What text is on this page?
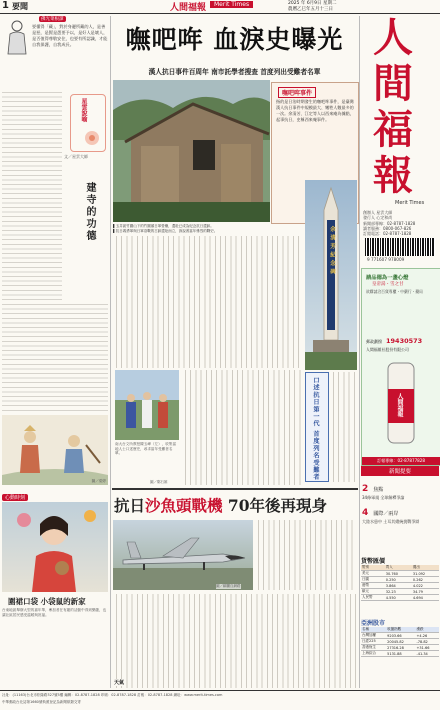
1 要聞	人間福報	Merit Times	2025 年 6月9日 星期二
農曆乙巳年五月十三日
佛光菜根譚
要懂得「藏」，對於身邊所藏的人，是善是惡，是賢是愚要予以，是好人是壞人，是否值得尊敬安住，也要有所認識，才能自我保護，自我成長。
星雲說喻
文／星雲大師
建寺的功德
圖／梁婷
心動時刻
圍裙口袋 小袋鼠的新家
台東地區舉辦大型的嘉年華，參加者在有趣的活動中得到樂趣，也讓社區居民感受溫暖與祝福。
嘸吧哖 血淚史曝光
漢人抗日事件百周年 南市託學者搜查 首度列出受難者名單
嘸吧哖事件
指的是日治時期發生的嘸吧哖事件，是臺灣漢人抗日事件中規模最大、犧牲人數最多的一次。余清芳、江定等人以西來庵為據點，起事抗日，史稱西來庵事件。
▌玉井區竹圍山下的竹圍頭日軍營壘，遺址已成為紀念抗日遺跡。
▌抗日義勇軍與日軍浴戰的古跡遺址而立，訴說著當年慘烈的戰史。	余清芳紀念碑
南大台文所教授陳玉峰（左），收集當地人士口述歷史，尋求當年受難者名單。
圖／鄭石雄
口述抗日第一代 首度列名受難者
抗日沙魚頭戰機 70年後再現身
圖／翻攝自網路
人
間
福
報
Merit Times
創辦人 星雲大師
發行人 心定和尚
新聞部專線：02-8787-1828
讀者服務：0800-067-826
訂閱電話：02-8787-1828
9 771607 978009
請品德為一盞心燈
皇帝湯・雪之甘
欲購請洽百貨專櫃・中藥行・藥局
郵政劃撥 19430573
人間福報社股份有限公司
人間福報
訂報專線：02-87877828
新聞提要
2 焦點
34條軍規 全球解釋爭論
4 國際／兩岸
大陸水患中 土耳其總統挑戰爭辯
貨幣匯價
幣別	買入	賣出
美元	30.760	31.092
日圓	0.250	0.262
港幣	3.864	4.022
歐元	32.23	34.79
人民幣	4.550	4.694
亞洲股市
名稱	收盤指數	漲跌
台灣加權	9203.66	+4.26
日經225	20045.82	-78.82
香港恆生	27316.28	+31.66
上海綜合	5131.88	-41.34
天氣
社址：(11163)台北市松隆路327號5樓 編輯：02-8787-1828 印刷：02-8787-1828 訂報：02-8787-1828 網址：www.merit-times.com
中華郵政台北誌第1660號執照登記為新聞紙類交寄
